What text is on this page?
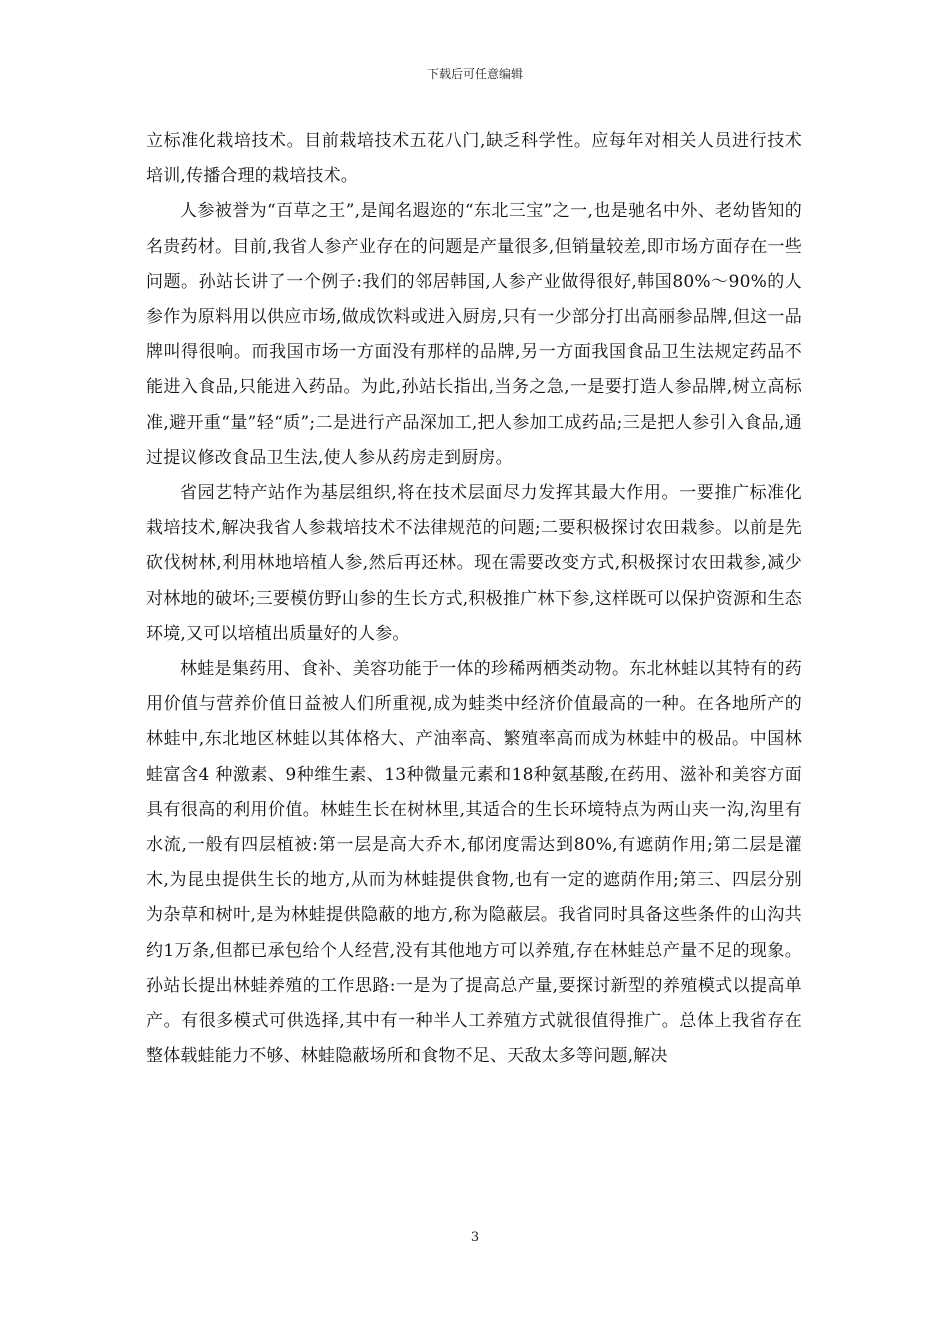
下载后可任意编辑

立标准化栽培技术。目前栽培技术五花八门,缺乏科学性。应每年对相关人员进行技术培训,传播合理的栽培技术。

人参被誉为“百草之王”,是闻名遐迩的“东北三宝”之一,也是驰名中外、老幼皆知的名贵药材。目前,我省人参产业存在的问题是产量很多,但销量较差,即市场方面存在一些问题。孙站长讲了一个例子:我们的邻居韩国,人参产业做得很好,韩国80%～90%的人参作为原料用以供应市场,做成饮料或进入厨房,只有一少部分打出高丽参品牌,但这一品牌叫得很响。而我国市场一方面没有那样的品牌,另一方面我国食品卫生法规定药品不能进入食品,只能进入药品。为此,孙站长指出,当务之急,一是要打造人参品牌,树立高标准,避开重“量”轻“质”;二是进行产品深加工,把人参加工成药品;三是把人参引入食品,通过提议修改食品卫生法,使人参从药房走到厨房。

省园艺特产站作为基层组织,将在技术层面尽力发挥其最大作用。一要推广标准化栽培技术,解决我省人参栽培技术不法律规范的问题;二要积极探讨农田栽参。以前是先砍伐树林,利用林地培植人参,然后再还林。现在需要改变方式,积极探讨农田栽参,减少对林地的破坏;三要模仿野山参的生长方式,积极推广林下参,这样既可以保护资源和生态环境,又可以培植出质量好的人参。

林蛙是集药用、食补、美容功能于一体的珍稀两栖类动物。东北林蛙以其特有的药用价值与营养价值日益被人们所重视,成为蛙类中经济价值最高的一种。在各地所产的林蛙中,东北地区林蛙以其体格大、产油率高、繁殖率高而成为林蛙中的极品。中国林蛙富含4 种激素、9种维生素、13种微量元素和18种氨基酸,在药用、滋补和美容方面具有很高的利用价值。林蛙生长在树林里,其适合的生长环境特点为两山夹一沟,沟里有水流,一般有四层植被:第一层是高大乔木,郁闭度需达到80%,有遮荫作用;第二层是灌木,为昆虫提供生长的地方,从而为林蛙提供食物,也有一定的遮荫作用;第三、四层分别为杂草和树叶,是为林蛙提供隐蔽的地方,称为隐蔽层。我省同时具备这些条件的山沟共约1万条,但都已承包给个人经营,没有其他地方可以养殖,存在林蛙总产量不足的现象。孙站长提出林蛙养殖的工作思路:一是为了提高总产量,要探讨新型的养殖模式以提高单产。有很多模式可供选择,其中有一种半人工养殖方式就很值得推广。总体上我省存在整体载蛙能力不够、林蛙隐蔽场所和食物不足、天敌太多等问题,解决

3
